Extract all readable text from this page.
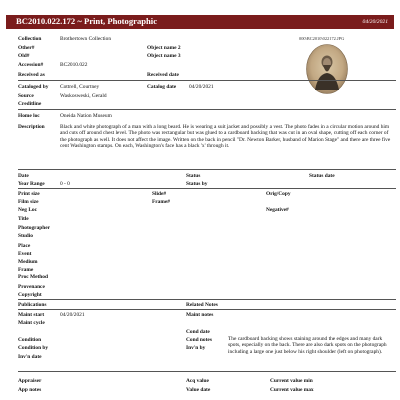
BC2010.022.172 ~ Print, Photographic	04/20/2021
000\BC2010\022172.JPG
Collection	Brothertown Collection
Other#
Old#
Accession#	BC2010.022
Received as
Object name 2
Object name 3
Received date
Cataloged by Cottrell, Courtney
Source	Waskosweski, Gerald
Creditline
Catalog date 04/20/2021
Home loc	Oneida Nation Museum
Description	Black and white photograph of a man with a long beard. He is wearing a suit jacket and possibly a vest. The photo fades in a circular motion around him and cuts off around chest level. The photo was rectangular but was glued to a cardboard backing that was cut in an oval shape, cutting off each corner of the photograph as well. It does not affect the image. Written on the back in pencil "Dr. Newton Barker, husband of Marion Stage" and there are three five cent Washington stamps. On each, Washington's face has a black 'x' through it.
Date
Year Range	0 - 0
Status
Status by
Status date
Print size
Film size
Neg Loc
Slide#
Frame#
Orig/Copy
Negative#
Title
Photographer
Studio
Place
Event
Medium
Frame
Proc Method
Provenance
Copyright
Publications	Related Notes
Maint start	04/20/2021
Maint cycle
Maint notes
Cond date
Condition
Condition by
Inv'n date
Cond notes
Inv'n by
The cardboard backing shows staining around the edges and many dark spots, especially on the back. There are also dark spots on the photograph including a large one just below his right shoulder (left on photograph).
Appraiser
App notes
Acq value
Value date
Current value min
Current value max
